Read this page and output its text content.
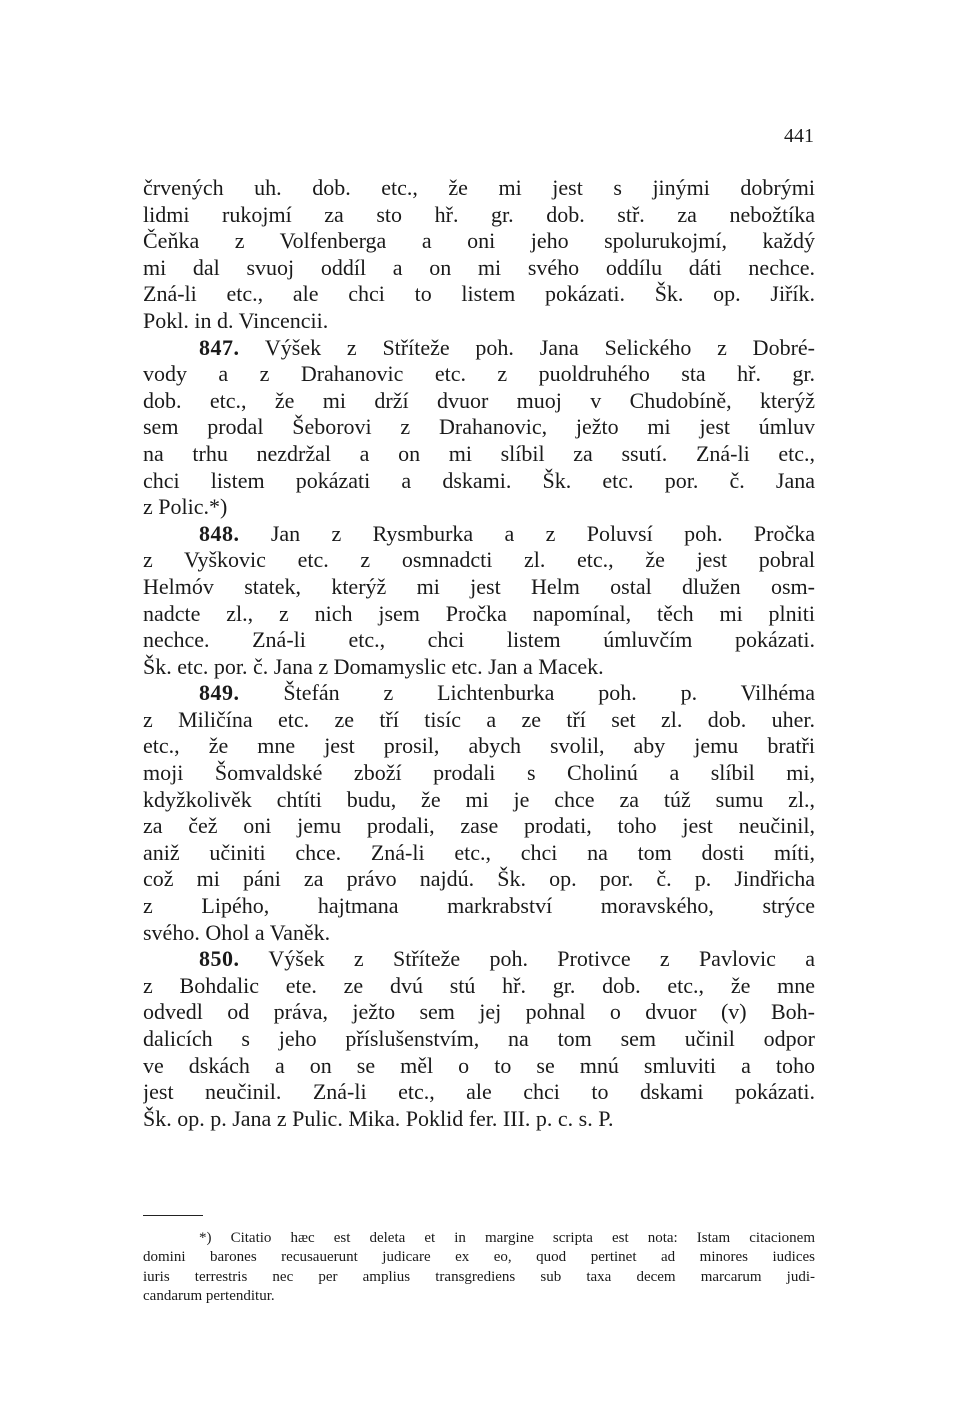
441
črvených uh. dob. etc., že mi jest s jinými dobrými
lidmi rukojmí za sto hř. gr. dob. stř. za nebožtíka
Čeňka z Volfenberga a oni jeho spolurukojmí, každý
mi dal svuoj oddíl a on mi svého oddílu dáti nechce.
Zná-li etc., ale chci to listem pokázati. Šk. op. Jiřík.
Pokl. in d. Vincencii.
847. Výšek z Stříteže poh. Jana Selického z Dobré-
vody a z Drahanovic etc. z puoldruhého sta hř. gr.
dob. etc., že mi drží dvuor muoj v Chudobíně, kterýž
sem prodal Šeborovi z Drahanovic, ježto mi jest úmluv
na trhu nezdržal a on mi slíbil za ssutí. Zná-li etc.,
chci listem pokázati a dskami. Šk. etc. por. č. Jana
z Polic.*)
848. Jan z Rysmburka a z Poluvsí poh. Pročka
z Vyškovic etc. z osmnadcti zl. etc., že jest pobral
Helmóv statek, kterýž mi jest Helm ostal dlužen osm-
nadcte zl., z nich jsem Pročka napomínal, těch mi plniti
nechce. Zná-li etc., chci listem úmluvčím pokázati.
Šk. etc. por. č. Jana z Domamyslic etc. Jan a Macek.
849. Štefán z Lichtenburka poh. p. Vilhéma
z Miličína etc. ze tří tisíc a ze tří set zl. dob. uher.
etc., že mne jest prosil, abych svolil, aby jemu bratři
moji Šomvaldské zboží prodali s Cholinú a slíbil mi,
kdyžkolivěk chtíti budu, že mi je chce za túž sumu zl.,
za čež oni jemu prodali, zase prodati, toho jest neučinil,
aniž učiniti chce. Zná-li etc., chci na tom dosti míti,
což mi páni za právo najdú. Šk. op. por. č. p. Jindřicha
z Lipého, hajtmana markrabství moravského, strýce
svého. Ohol a Vaněk.
850. Výšek z Stříteže poh. Protivce z Pavlovic a
z Bohdalic ete. ze dvú stú hř. gr. dob. etc., že mne
odvedl od práva, ježto sem jej pohnal o dvuor (v) Boh-
dalicích s jeho příslušenstvím, na tom sem učinil odpor
ve dskách a on se měl o to se mnú smluviti a toho
jest neučinil. Zná-li etc., ale chci to dskami pokázati.
Šk. op. p. Jana z Pulic. Mika. Poklid fer. III. p. c. s. P.
*) Citatio hæc est deleta et in margine scripta est nota: Istam citacionem
domini barones recusauerunt judicare ex eo, quod pertinet ad minores iudices
iuris terrestris nec per amplius transgrediens sub taxa decem marcarum judi-
candarum pertenditur.
